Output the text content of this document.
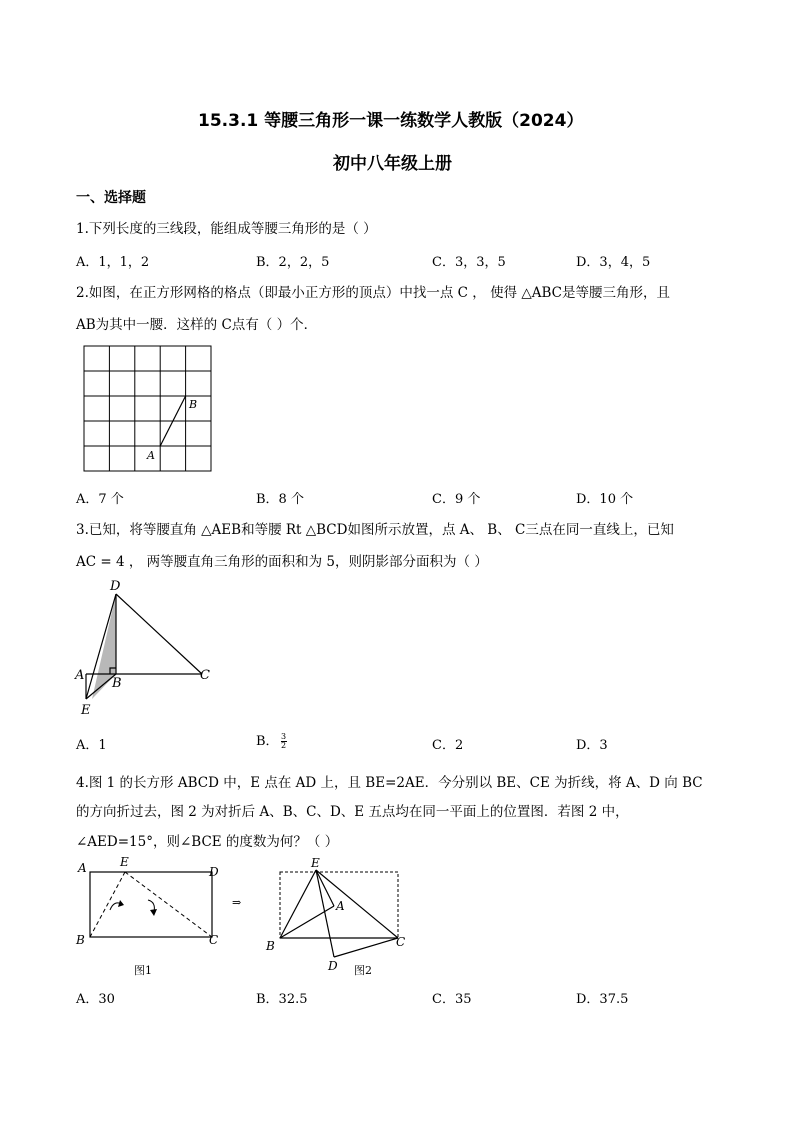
15.3.1 等腰三角形一课一练数学人教版（2024）
初中八年级上册
一、选择题
1.下列长度的三线段，能组成等腰三角形的是（ ）
A．1，1，2	B．2，2，5	C．3，3，5	D．3，4，5
2.如图，在正方形网格的格点（即最小正方形的顶点）中找一点 C ， 使得 △ABC是等腰三角形，且
AB为其中一腰．这样的 C点有（ ）个．
A
B
A．7 个	B．8 个	C．9 个	D．10 个
3.已知，将等腰直角 △AEB和等腰 Rt △BCD如图所示放置，点 A、 B、 C三点在同一直线上，已知
AC = 4 ， 两等腰直角三角形的面积和为 5，则阴影部分面积为（ ）
D
A
B
C
E
A．1	B． $\frac{3}{2}$	C．2	D．3
4.图 1 的长方形 ABCD 中，E 点在 AD 上，且 BE=2AE．今分别以 BE、CE 为折线，将 A、D 向 BC
的方向折过去，图 2 为对折后 A、B、C、D、E 五点均在同一平面上的位置图．若图 2 中，
∠AED=15°，则∠BCE 的度数为何？（ ）
A	E
D
B	C
图1
⇒
E
A
B	C
D 图2
A．30	B．32.5	C．35	D．37.5
